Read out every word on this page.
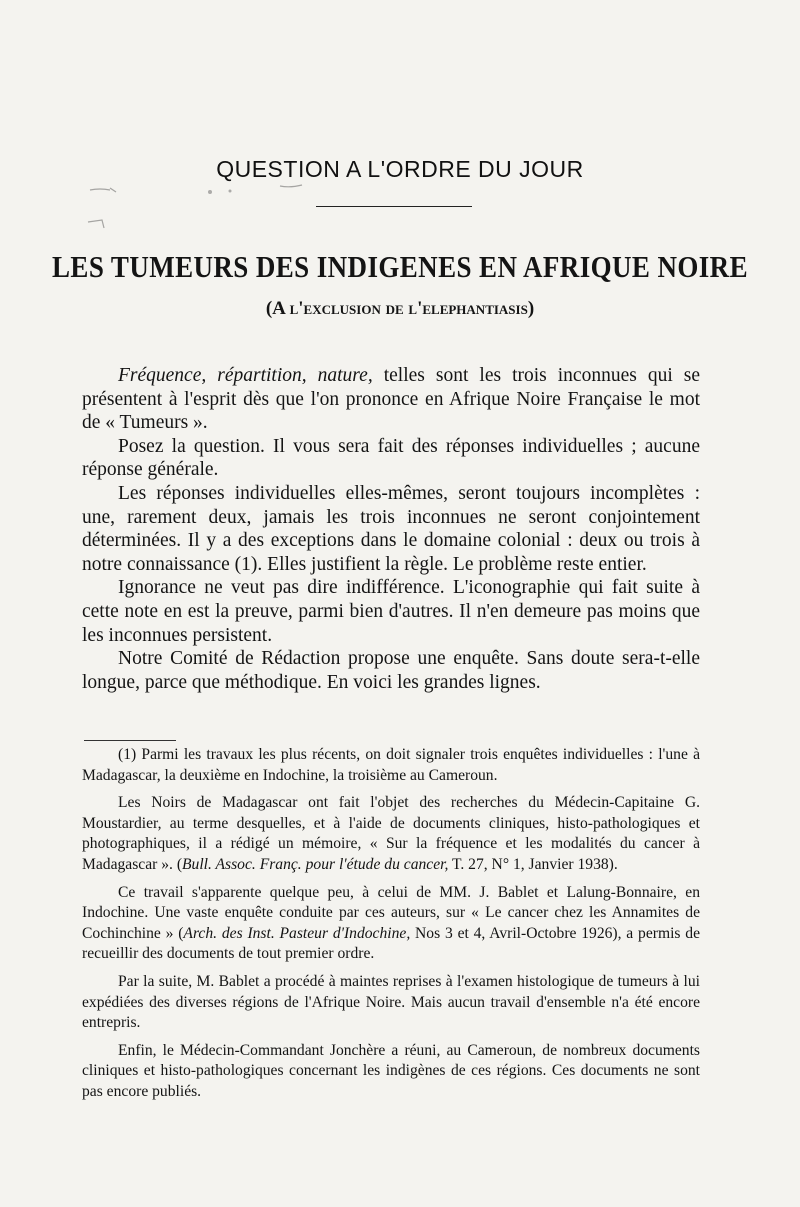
QUESTION A L'ORDRE DU JOUR
LES TUMEURS DES INDIGENES EN AFRIQUE NOIRE
(A l'exclusion de l'elephantiasis)

Fréquence, répartition, nature, telles sont les trois inconnues qui se présentent à l'esprit dès que l'on prononce en Afrique Noire Française le mot de « Tumeurs ».

Posez la question. Il vous sera fait des réponses individuelles ; aucune réponse générale.

Les réponses individuelles elles-mêmes, seront toujours incomplètes : une, rarement deux, jamais les trois inconnues ne seront conjointement déterminées. Il y a des exceptions dans le domaine colonial : deux ou trois à notre connaissance (1). Elles justifient la règle. Le problème reste entier.

Ignorance ne veut pas dire indifférence. L'iconographie qui fait suite à cette note en est la preuve, parmi bien d'autres. Il n'en demeure pas moins que les inconnues persistent.

Notre Comité de Rédaction propose une enquête. Sans doute sera-t-elle longue, parce que méthodique. En voici les grandes lignes.

(1) Parmi les travaux les plus récents, on doit signaler trois enquêtes individuelles : l'une à Madagascar, la deuxième en Indochine, la troisième au Cameroun.

Les Noirs de Madagascar ont fait l'objet des recherches du Médecin-Capitaine G. Moustardier, au terme desquelles, et à l'aide de documents cliniques, histo-pathologiques et photographiques, il a rédigé un mémoire, « Sur la fréquence et les modalités du cancer à Madagascar ». (Bull. Assoc. Franç. pour l'étude du cancer, T. 27, N° 1, Janvier 1938).

Ce travail s'apparente quelque peu, à celui de MM. J. Bablet et Lalung-Bonnaire, en Indochine. Une vaste enquête conduite par ces auteurs, sur « Le cancer chez les Annamites de Cochinchine » (Arch. des Inst. Pasteur d'Indochine, Nos 3 et 4, Avril-Octobre 1926), a permis de recueillir des documents de tout premier ordre.

Par la suite, M. Bablet a procédé à maintes reprises à l'examen histologique de tumeurs à lui expédiées des diverses régions de l'Afrique Noire. Mais aucun travail d'ensemble n'a été encore entrepris.

Enfin, le Médecin-Commandant Jonchère a réuni, au Cameroun, de nombreux documents cliniques et histo-pathologiques concernant les indigènes de ces régions. Ces documents ne sont pas encore publiés.
